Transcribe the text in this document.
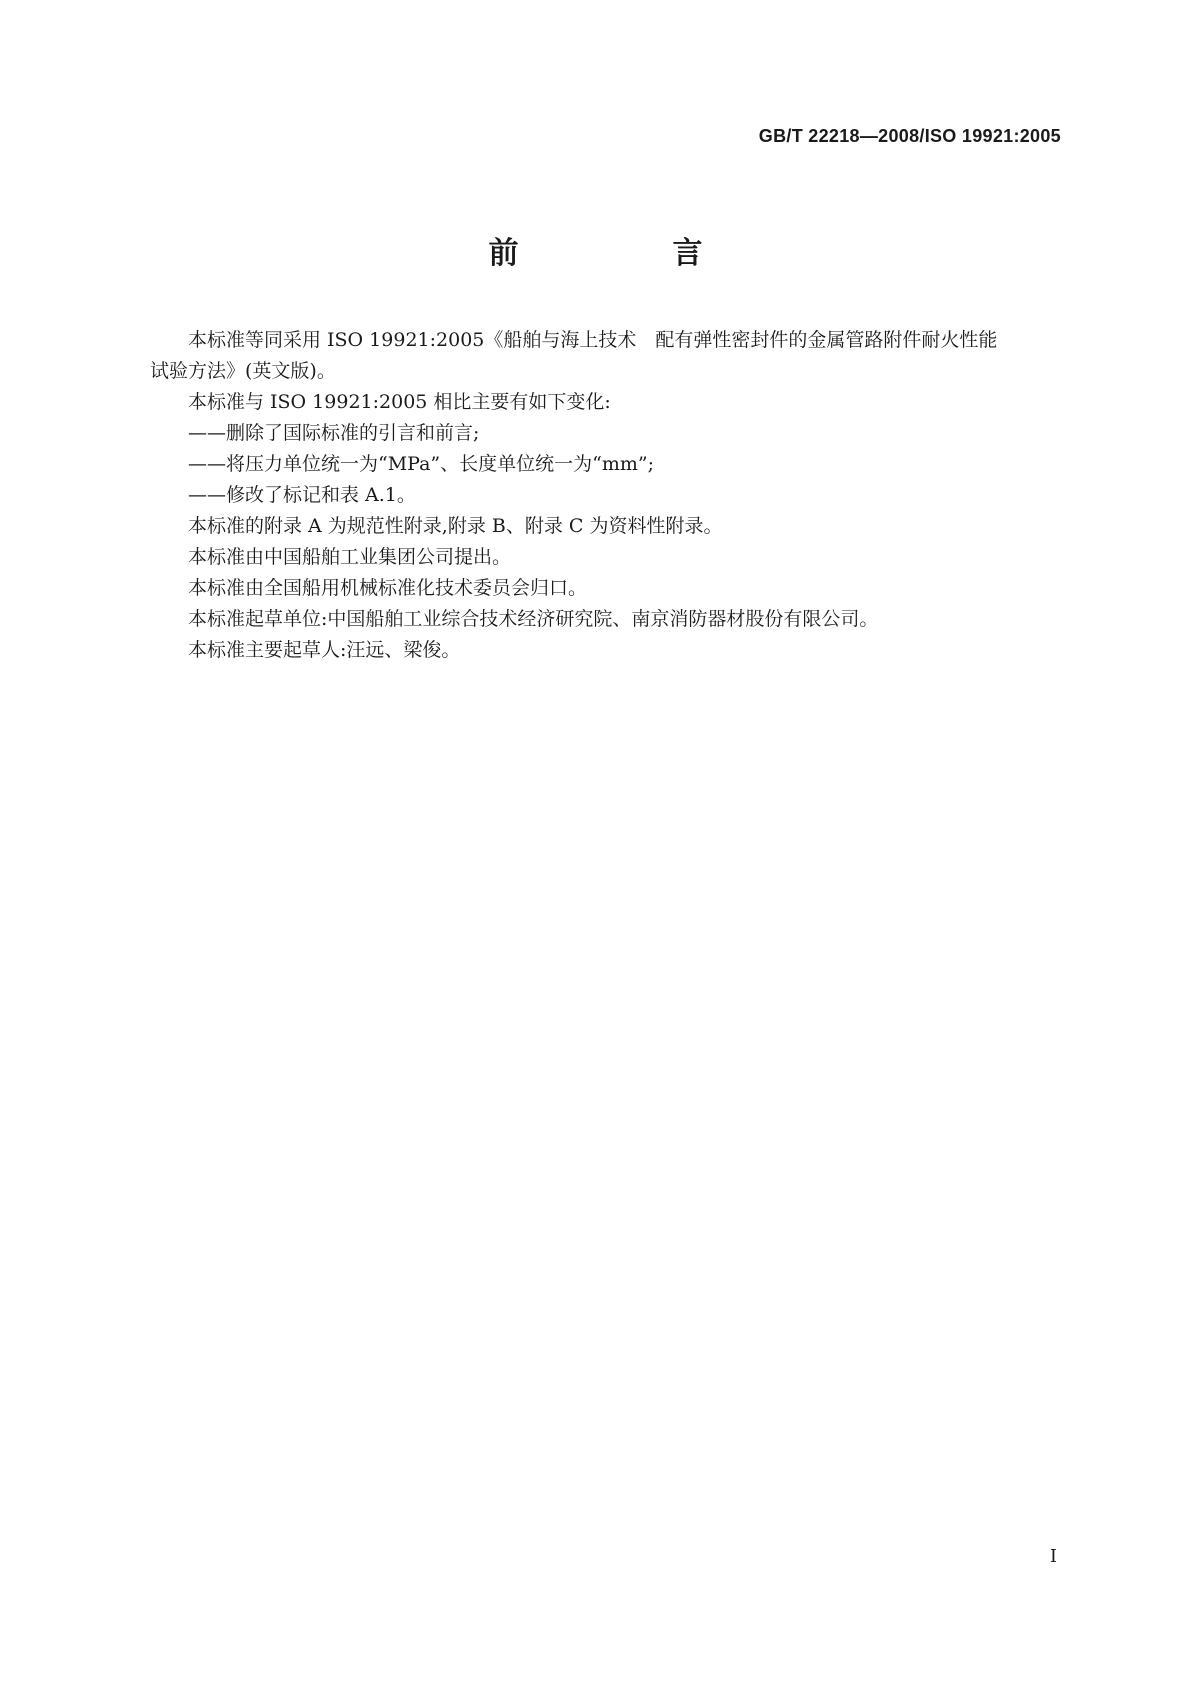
GB/T 22218—2008/ISO 19921:2005
前　言

本标准等同采用 ISO 19921:2005《船舶与海上技术　配有弹性密封件的金属管路附件耐火性能
试验方法》(英文版)。

本标准与 ISO 19921:2005 相比主要有如下变化:

——删除了国际标准的引言和前言;

——将压力单位统一为“MPa”、长度单位统一为“mm”;

——修改了标记和表 A.1。

本标准的附录 A 为规范性附录,附录 B、附录 C 为资料性附录。

本标准由中国船舶工业集团公司提出。

本标准由全国船用机械标准化技术委员会归口。

本标准起草单位:中国船舶工业综合技术经济研究院、南京消防器材股份有限公司。

本标准主要起草人:汪远、梁俊。

Ⅰ
